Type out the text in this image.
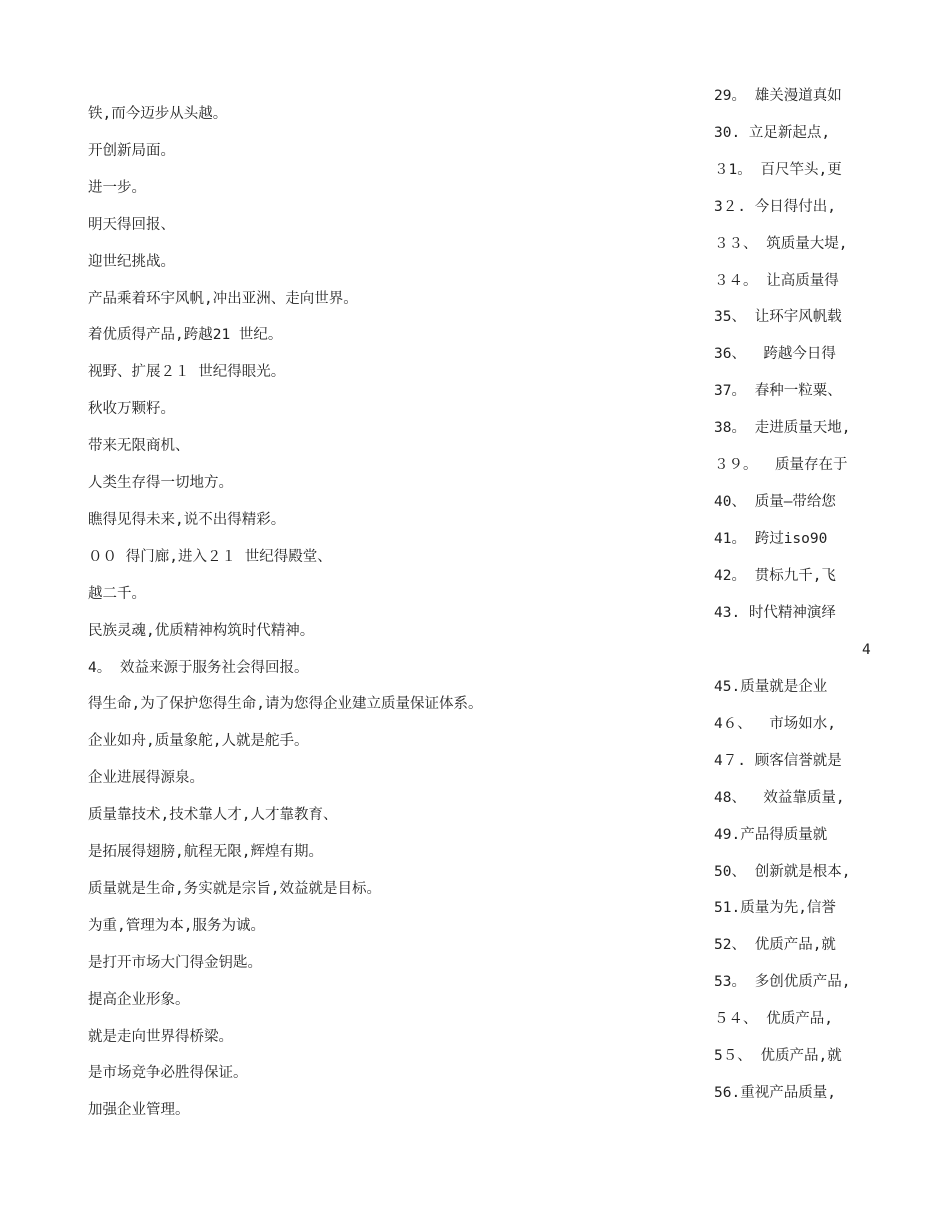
铁,而今迈步从头越。
开创新局面。
进一步。
明天得回报、
迎世纪挑战。
产品乘着环宇风帆,冲出亚洲、走向世界。
着优质得产品,跨越21 世纪。
视野、扩展２１ 世纪得眼光。
秋收万颗籽。
带来无限商机、
人类生存得一切地方。
瞧得见得未来,说不出得精彩。
００ 得门廊,进入２１ 世纪得殿堂、
越二千。
民族灵魂,优质精神构筑时代精神。
4。 效益来源于服务社会得回报。
得生命,为了保护您得生命,请为您得企业建立质量保证体系。
企业如舟,质量象舵,人就是舵手。
企业进展得源泉。
质量靠技术,技术靠人才,人才靠教育、
是拓展得翅膀,航程无限,辉煌有期。
质量就是生命,务实就是宗旨,效益就是目标。
为重,管理为本,服务为诚。
是打开市场大门得金钥匙。
提高企业形象。
就是走向世界得桥梁。
是市场竞争必胜得保证。
加强企业管理。
29。 雄关漫道真如
30. 立足新起点,
３1。 百尺竿头,更
3２. 今日得付出,
３３、 筑质量大堤,
３４。 让高质量得
35、 让环宇风帆载
36、  跨越今日得
37。 春种一粒粟、
38。 走进质量天地,
３９。  质量存在于
40、 质量—带给您
41。 跨过iso90
42。 贯标九千,飞
43. 时代精神演绎
4
45.质量就是企业
4６、  市场如水,
4７. 顾客信誉就是
48、  效益靠质量,
49.产品得质量就
50、 创新就是根本,
51.质量为先,信誉
52、 优质产品,就
53。 多创优质产品,
５４、 优质产品,
5５、 优质产品,就
56.重视产品质量,
